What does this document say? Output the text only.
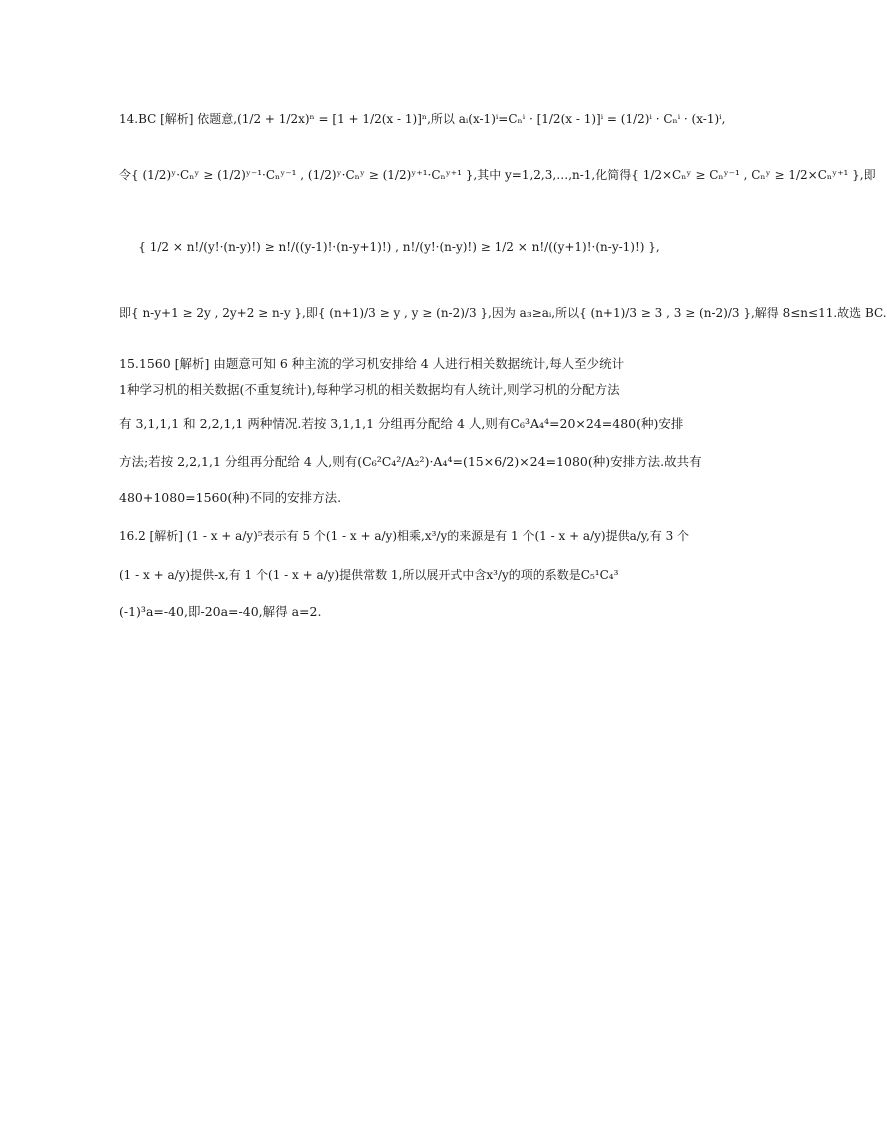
14.BC [解析] 依题意,(1/2 + 1/2x)ⁿ = [1 + 1/2(x - 1)]ⁿ,所以 aᵢ(x-1)ⁱ=Cₙⁱ · [1/2(x - 1)]ⁱ = (1/2)ⁱ · Cₙⁱ · (x-1)ⁱ,
令{ (1/2)ʸ·Cₙʸ ≥ (1/2)ʸ⁻¹·Cₙʸ⁻¹ , (1/2)ʸ·Cₙʸ ≥ (1/2)ʸ⁺¹·Cₙʸ⁺¹ },其中 y=1,2,3,…,n-1,化简得{ 1/2×Cₙʸ ≥ Cₙʸ⁻¹ , Cₙʸ ≥ 1/2×Cₙʸ⁺¹ },即
{ 1/2 × n!/(y!·(n-y)!) ≥ n!/((y-1)!·(n-y+1)!) , n!/(y!·(n-y)!) ≥ 1/2 × n!/((y+1)!·(n-y-1)!) },
即{ n-y+1 ≥ 2y , 2y+2 ≥ n-y },即{ (n+1)/3 ≥ y , y ≥ (n-2)/3 },因为 a₃≥aᵢ,所以{ (n+1)/3 ≥ 3 , 3 ≥ (n-2)/3 },解得 8≤n≤11.故选 BC.
15.1560 [解析] 由题意可知 6 种主流的学习机安排给 4 人进行相关数据统计,每人至少统计
1种学习机的相关数据(不重复统计),每种学习机的相关数据均有人统计,则学习机的分配方法
有 3,1,1,1 和 2,2,1,1 两种情况.若按 3,1,1,1 分组再分配给 4 人,则有C₆³A₄⁴=20×24=480(种)安排
方法;若按 2,2,1,1 分组再分配给 4 人,则有(C₆²C₄²/A₂²)·A₄⁴=(15×6/2)×24=1080(种)安排方法.故共有
480+1080=1560(种)不同的安排方法.
16.2 [解析] (1 - x + a/y)⁵表示有 5 个(1 - x + a/y)相乘,x³/y的来源是有 1 个(1 - x + a/y)提供a/y,有 3 个
(1 - x + a/y)提供-x,有 1 个(1 - x + a/y)提供常数 1,所以展开式中含x³/y的项的系数是C₅¹C₄³
(-1)³a=-40,即-20a=-40,解得 a=2.
